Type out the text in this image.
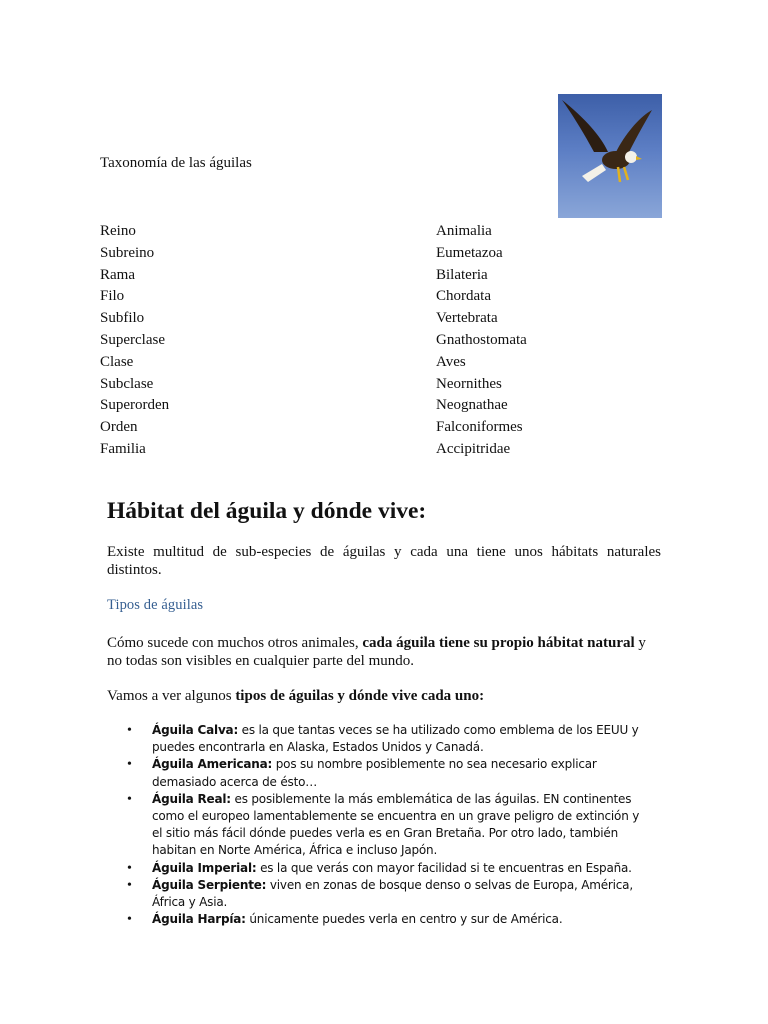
Taxonomía de las águilas
Reino
Subreino
Rama
Filo
Subfilo
Superclase
Clase
Subclase
Superorden
Orden
Familia
Animalia
Eumetazoa
Bilateria
Chordata
Vertebrata
Gnathostomata
Aves
Neornithes
Neognathae
Falconiformes
Accipitridae
Hábitat del águila y dónde vive:
Existe multitud de sub-especies de águilas y cada una tiene unos hábitats naturales
distintos.
Tipos de águilas

Cómo sucede con muchos otros animales, cada águila tiene su propio hábitat natural y no todas son visibles en cualquier parte del mundo.

Vamos a ver algunos tipos de águilas y dónde vive cada uno:

• Águila Calva: es la que tantas veces se ha utilizado como emblema de los EEUU y puedes encontrarla en Alaska, Estados Unidos y Canadá.
• Águila Americana: pos su nombre posiblemente no sea necesario explicar demasiado acerca de ésto…
• Águila Real: es posiblemente la más emblemática de las águilas. EN continentes como el europeo lamentablemente se encuentra en un grave peligro de extinción y el sitio más fácil dónde puedes verla es en Gran Bretaña. Por otro lado, también habitan en Norte América, África e incluso Japón.
• Águila Imperial: es la que verás con mayor facilidad si te encuentras en España.
• Águila Serpiente: viven en zonas de bosque denso o selvas de Europa, América, África y Asia.
• Águila Harpía: únicamente puedes verla en centro y sur de América.
